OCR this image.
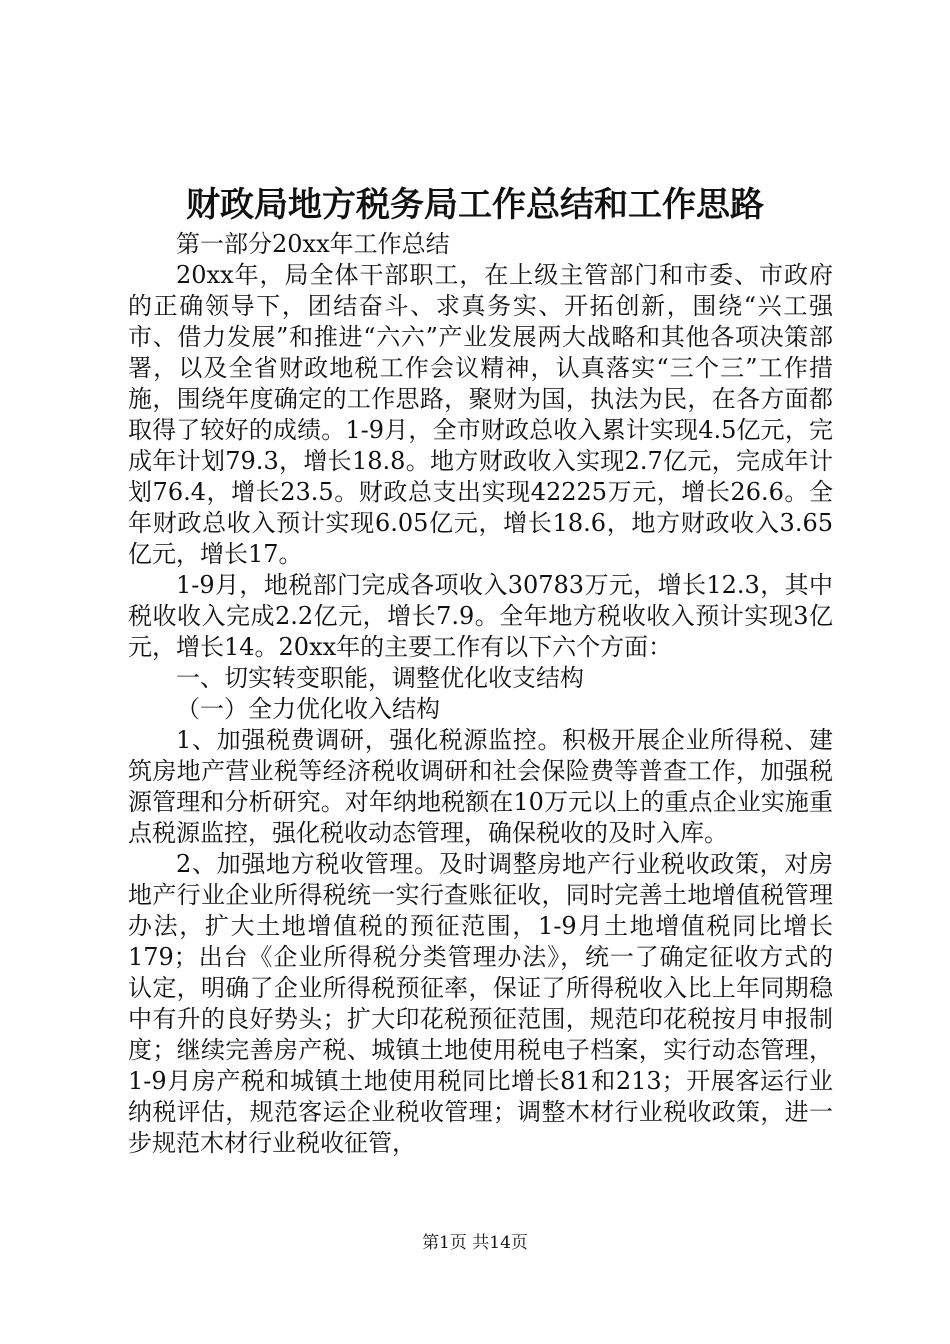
财政局地方税务局工作总结和工作思路

第一部分20xx年工作总结

20xx年，局全体干部职工，在上级主管部门和市委、市政府的正确领导下，团结奋斗、求真务实、开拓创新，围绕“兴工强市、借力发展”和推进“六六”产业发展两大战略和其他各项决策部署，以及全省财政地税工作会议精神，认真落实“三个三”工作措施，围绕年度确定的工作思路，聚财为国，执法为民，在各方面都取得了较好的成绩。1-9月，全市财政总收入累计实现4.5亿元，完成年计划79.3，增长18.8。地方财政收入实现2.7亿元，完成年计划76.4，增长23.5。财政总支出实现42225万元，增长26.6。全年财政总收入预计实现6.05亿元，增长18.6，地方财政收入3.65亿元，增长17。

1-9月，地税部门完成各项收入30783万元，增长12.3，其中税收收入完成2.2亿元，增长7.9。全年地方税收收入预计实现3亿元，增长14。20xx年的主要工作有以下六个方面：

一、切实转变职能，调整优化收支结构

（一）全力优化收入结构

1、加强税费调研，强化税源监控。积极开展企业所得税、建筑房地产营业税等经济税收调研和社会保险费等普查工作，加强税源管理和分析研究。对年纳地税额在10万元以上的重点企业实施重点税源监控，强化税收动态管理，确保税收的及时入库。

2、加强地方税收管理。及时调整房地产行业税收政策，对房地产行业企业所得税统一实行查账征收，同时完善土地增值税管理办法，扩大土地增值税的预征范围，1-9月土地增值税同比增长179；出台《企业所得税分类管理办法》，统一了确定征收方式的认定，明确了企业所得税预征率，保证了所得税收入比上年同期稳中有升的良好势头；扩大印花税预征范围，规范印花税按月申报制度；继续完善房产税、城镇土地使用税电子档案，实行动态管理，1-9月房产税和城镇土地使用税同比增长81和213；开展客运行业纳税评估，规范客运企业税收管理；调整木材行业税收政策，进一步规范木材行业税收征管，

第1页 共14页
